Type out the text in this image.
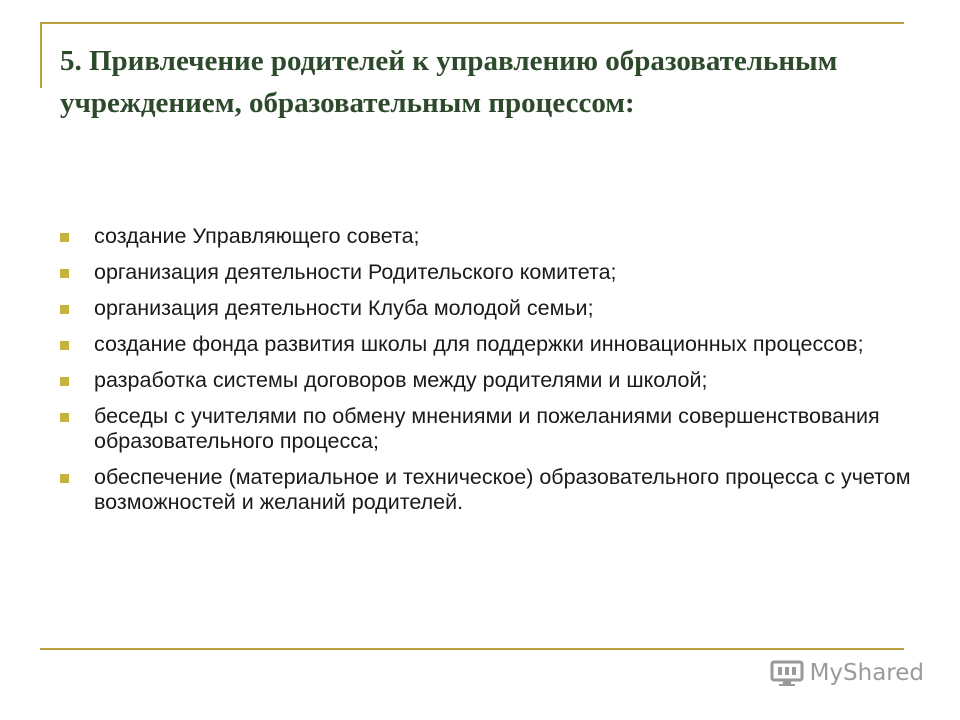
5. Привлечение родителей к управлению образовательным учреждением, образовательным процессом:
создание Управляющего совета;
организация деятельности Родительского комитета;
организация деятельности Клуба молодой семьи;
создание фонда развития школы для поддержки инновационных процессов;
разработка системы договоров между родителями и школой;
беседы с учителями по обмену мнениями и пожеланиями совершенствования образовательного процесса;
обеспечение (материальное и техническое) образовательного процесса с учетом возможностей и желаний родителей.
MyShared
